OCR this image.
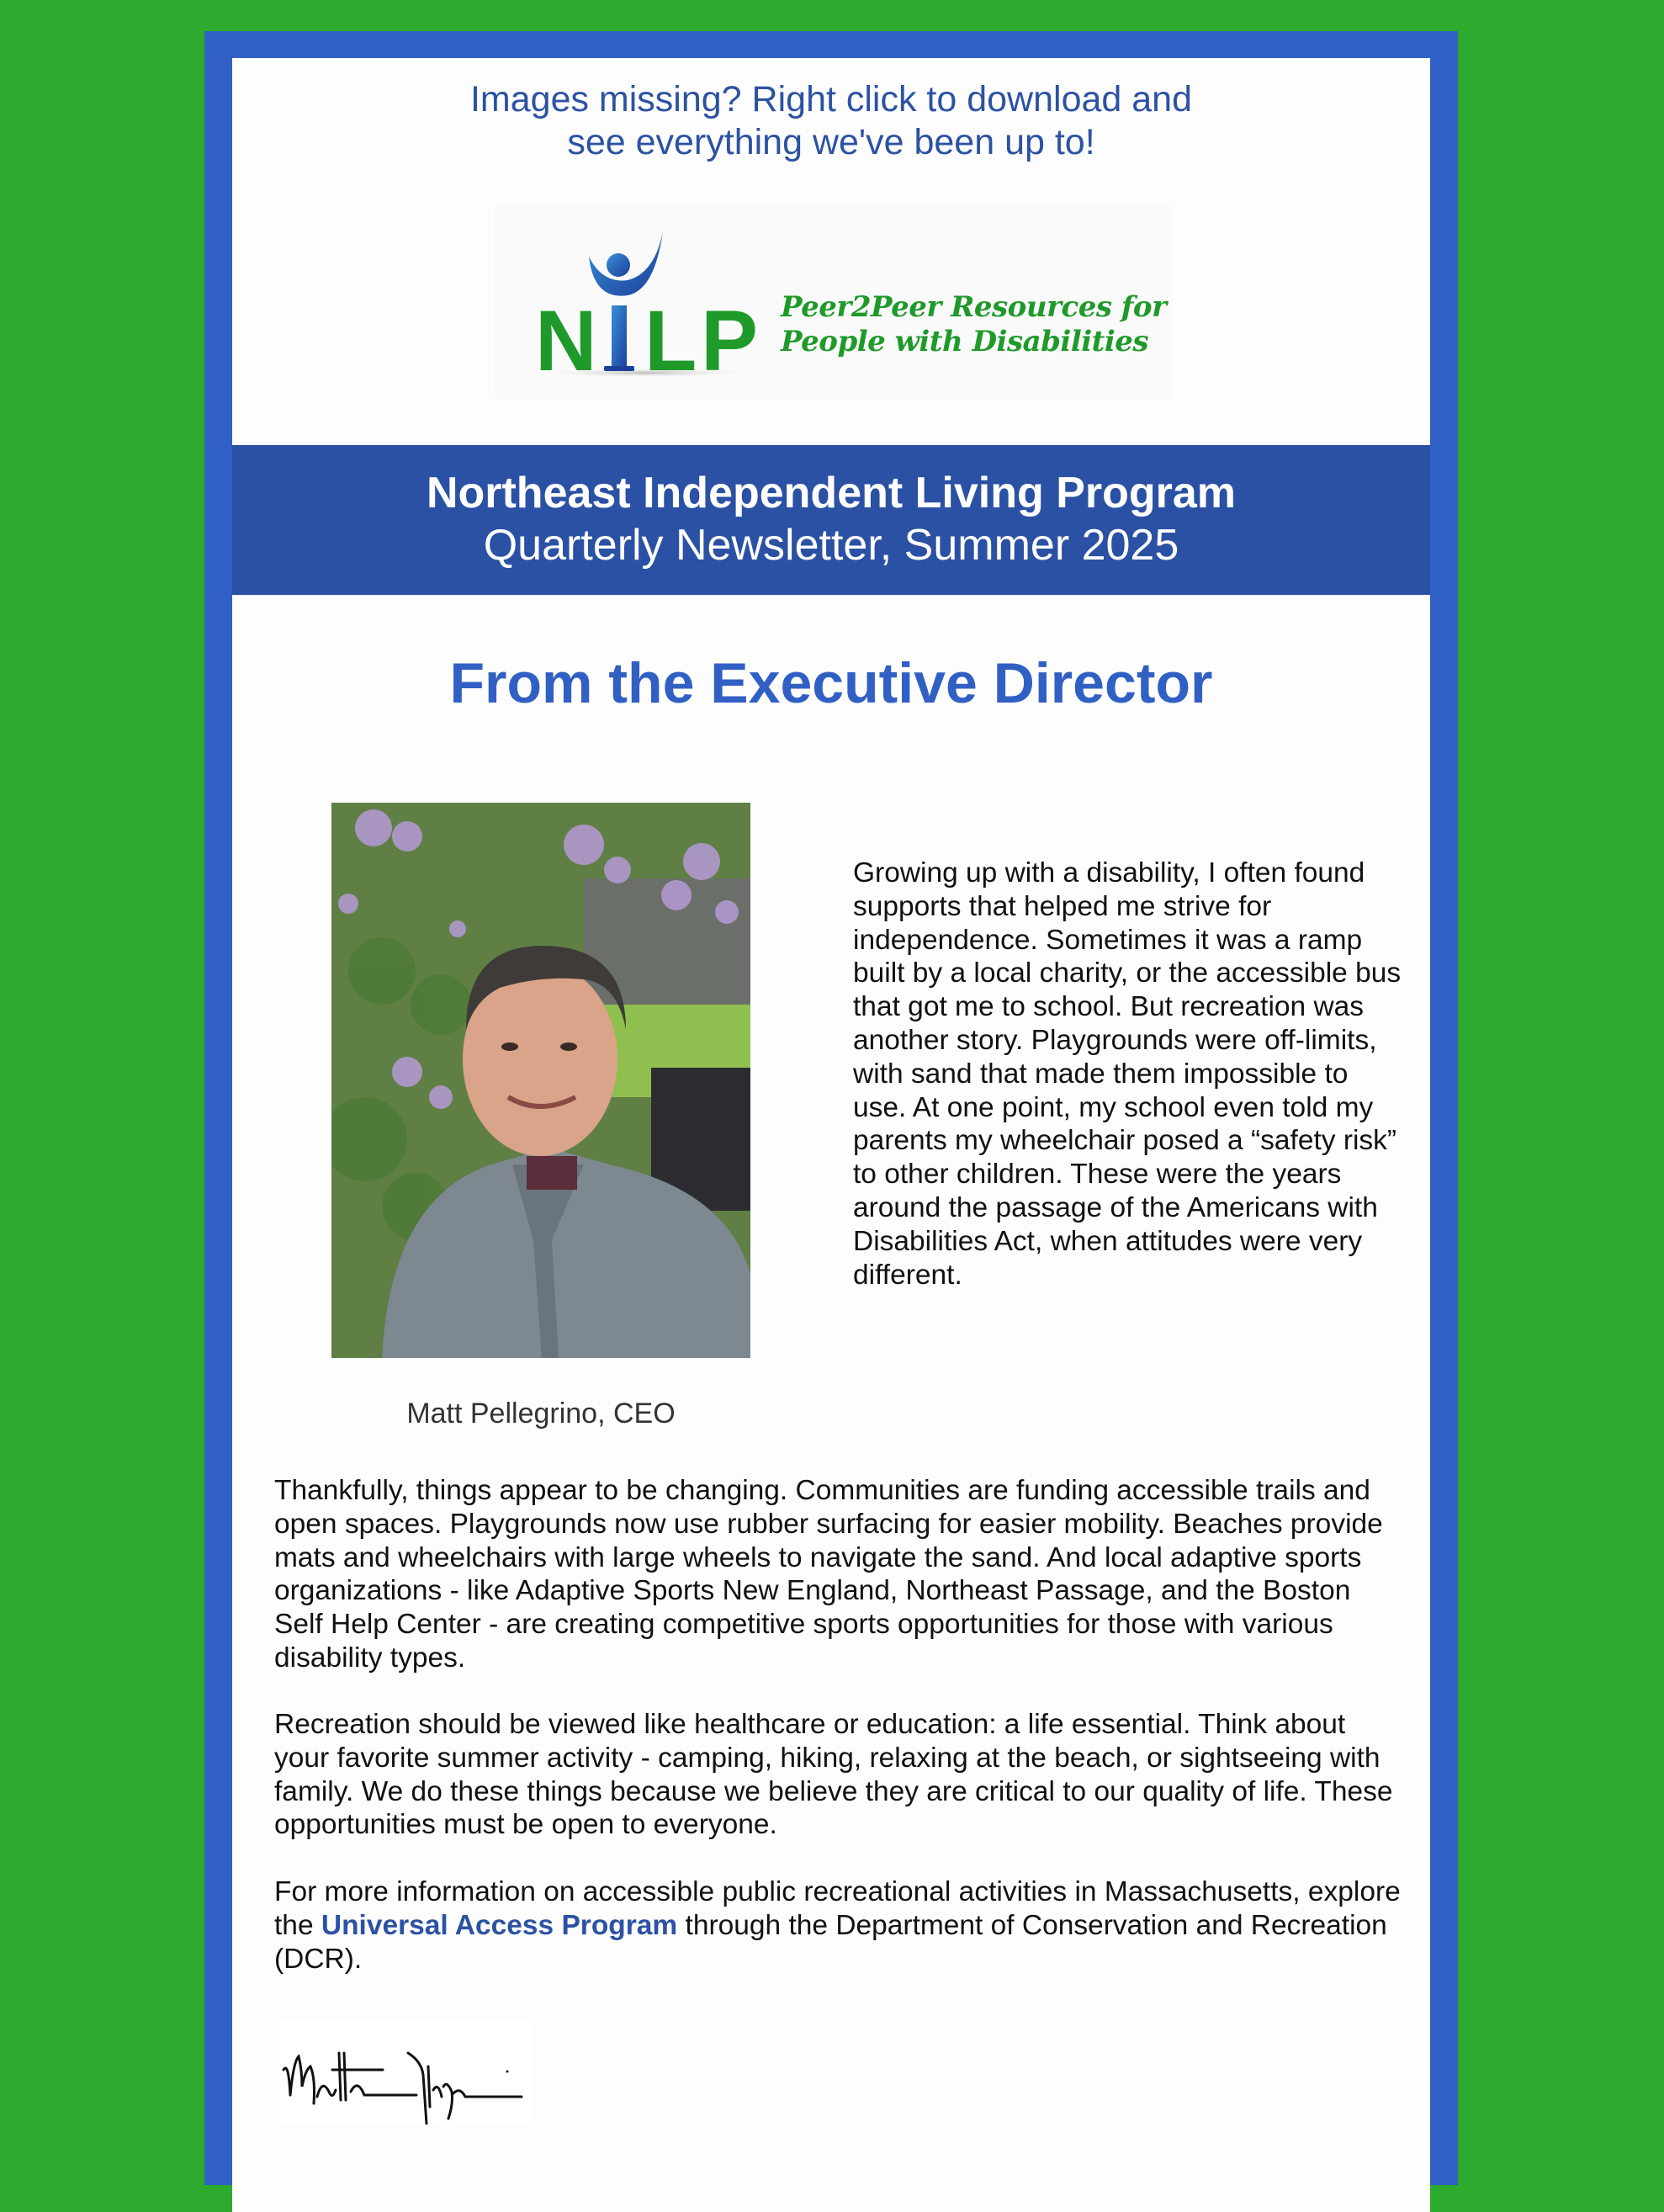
Images missing? Right click to download and
see everything we've been up to!
N L P Peer2Peer Resources for
People with Disabilities
Northeast Independent Living Program
Quarterly Newsletter, Summer 2025
From the Executive Director

Growing up with a disability, I often found supports that helped me strive for independence. Sometimes it was a ramp built by a local charity, or the accessible bus that got me to school. But recreation was another story. Playgrounds were off-limits, with sand that made them impossible to use. At one point, my school even told my parents my wheelchair posed a “safety risk” to other children. These were the years around the passage of the Americans with Disabilities Act, when attitudes were very different.

Matt Pellegrino, CEO

Thankfully, things appear to be changing. Communities are funding accessible trails and open spaces. Playgrounds now use rubber surfacing for easier mobility. Beaches provide mats and wheelchairs with large wheels to navigate the sand. And local adaptive sports organizations - like Adaptive Sports New England, Northeast Passage, and the Boston Self Help Center - are creating competitive sports opportunities for those with various disability types.

Recreation should be viewed like healthcare or education: a life essential. Think about your favorite summer activity - camping, hiking, relaxing at the beach, or sightseeing with family. We do these things because we believe they are critical to our quality of life. These opportunities must be open to everyone.

For more information on accessible public recreational activities in Massachusetts, explore the Universal Access Program through the Department of Conservation and Recreation (DCR).
